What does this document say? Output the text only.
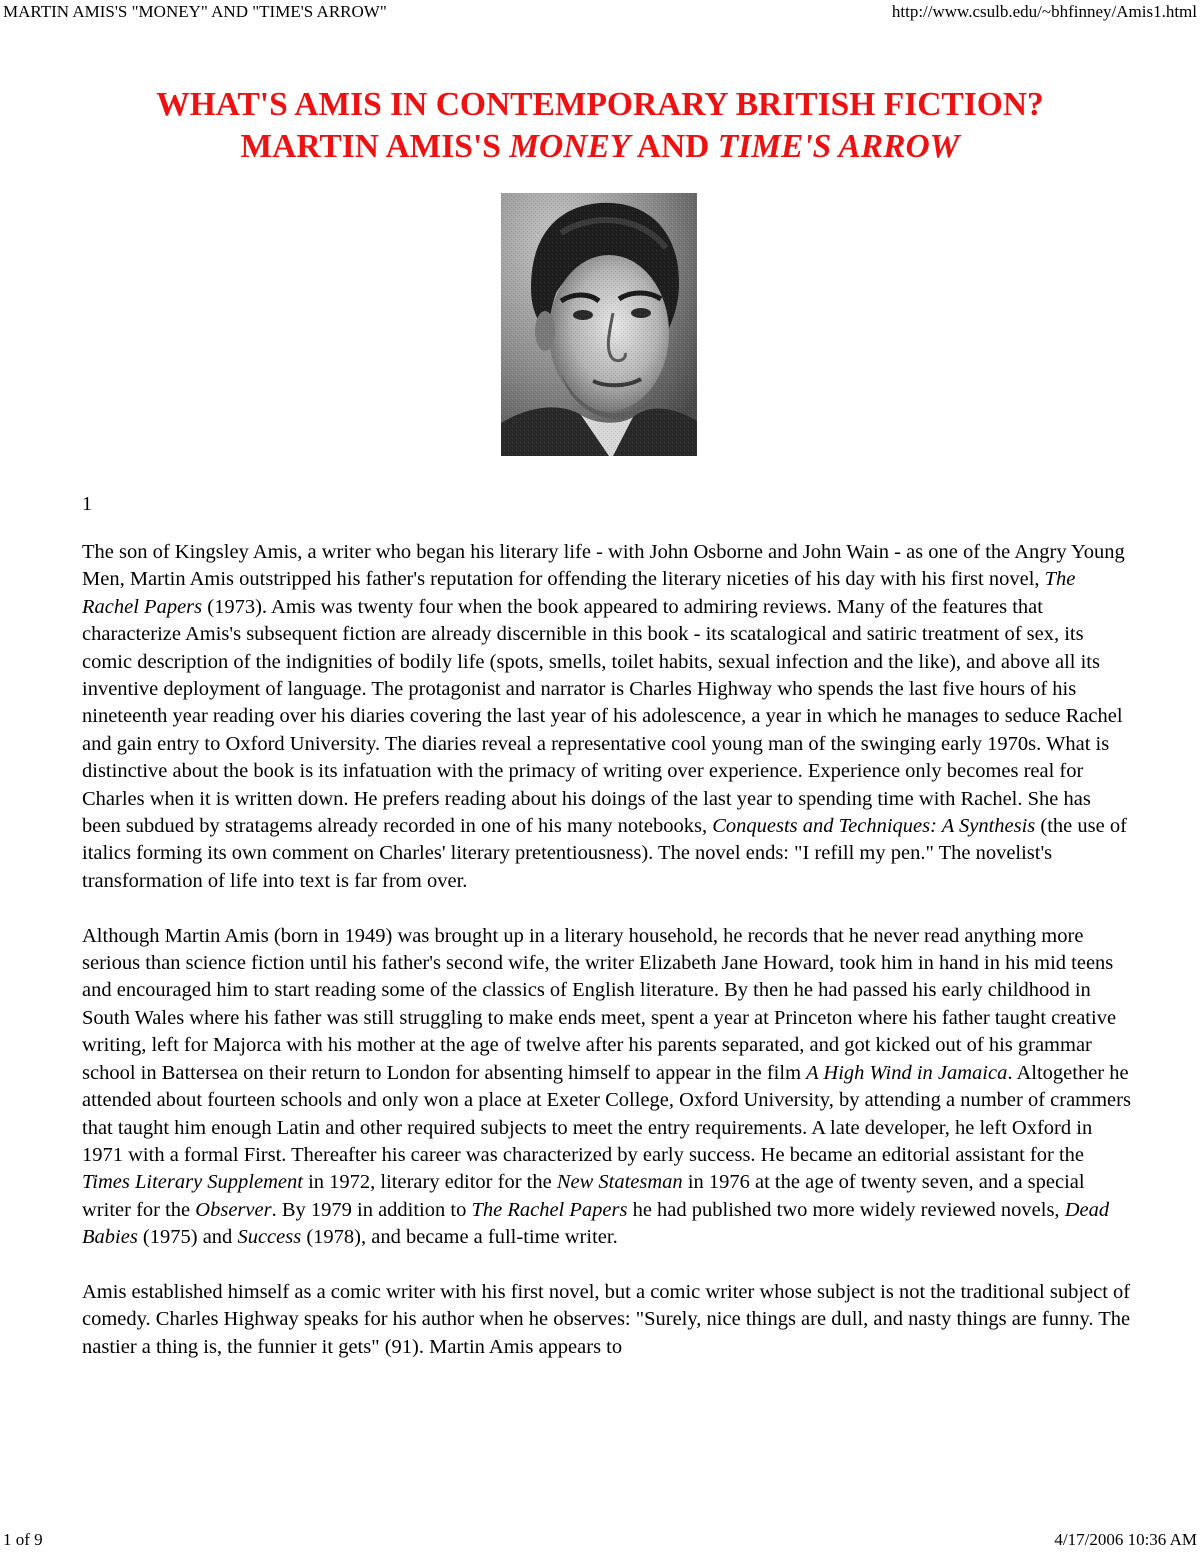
MARTIN AMIS'S "MONEY" AND "TIME'S ARROW"	http://www.csulb.edu/~bhfinney/Amis1.html
WHAT'S AMIS IN CONTEMPORARY BRITISH FICTION?
MARTIN AMIS'S MONEY AND TIME'S ARROW
1

The son of Kingsley Amis, a writer who began his literary life - with John Osborne and John Wain - as one of the Angry Young Men, Martin Amis outstripped his father's reputation for offending the literary niceties of his day with his first novel, The Rachel Papers (1973). Amis was twenty four when the book appeared to admiring reviews. Many of the features that characterize Amis's subsequent fiction are already discernible in this book - its scatalogical and satiric treatment of sex, its comic description of the indignities of bodily life (spots, smells, toilet habits, sexual infection and the like), and above all its inventive deployment of language. The protagonist and narrator is Charles Highway who spends the last five hours of his nineteenth year reading over his diaries covering the last year of his adolescence, a year in which he manages to seduce Rachel and gain entry to Oxford University. The diaries reveal a representative cool young man of the swinging early 1970s. What is distinctive about the book is its infatuation with the primacy of writing over experience. Experience only becomes real for Charles when it is written down. He prefers reading about his doings of the last year to spending time with Rachel. She has been subdued by stratagems already recorded in one of his many notebooks, Conquests and Techniques: A Synthesis (the use of italics forming its own comment on Charles' literary pretentiousness). The novel ends: "I refill my pen." The novelist's transformation of life into text is far from over.

Although Martin Amis (born in 1949) was brought up in a literary household, he records that he never read anything more serious than science fiction until his father's second wife, the writer Elizabeth Jane Howard, took him in hand in his mid teens and encouraged him to start reading some of the classics of English literature. By then he had passed his early childhood in South Wales where his father was still struggling to make ends meet, spent a year at Princeton where his father taught creative writing, left for Majorca with his mother at the age of twelve after his parents separated, and got kicked out of his grammar school in Battersea on their return to London for absenting himself to appear in the film A High Wind in Jamaica. Altogether he attended about fourteen schools and only won a place at Exeter College, Oxford University, by attending a number of crammers that taught him enough Latin and other required subjects to meet the entry requirements. A late developer, he left Oxford in 1971 with a formal First. Thereafter his career was characterized by early success. He became an editorial assistant for the Times Literary Supplement in 1972, literary editor for the New Statesman in 1976 at the age of twenty seven, and a special writer for the Observer. By 1979 in addition to The Rachel Papers he had published two more widely reviewed novels, Dead Babies (1975) and Success (1978), and became a full-time writer.

Amis established himself as a comic writer with his first novel, but a comic writer whose subject is not the traditional subject of comedy. Charles Highway speaks for his author when he observes: "Surely, nice things are dull, and nasty things are funny. The nastier a thing is, the funnier it gets" (91). Martin Amis appears to

1 of 9	4/17/2006 10:36 AM
